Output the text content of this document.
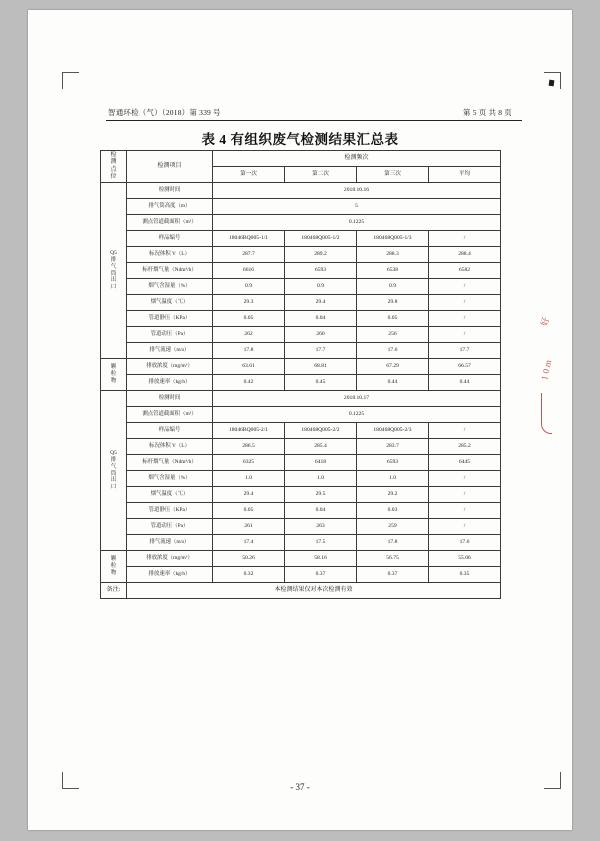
智通环检（气）（2018）第 339 号	第 5 页 共 8 页
表 4 有组织废气检测结果汇总表
检测点位	检测项目	检测频次			
		第一次	第二次	第三次	平均

Q5 排气筒出口	检测时间	2018.10.16			
	排气筒高度（m）	5			
	测点管道截面积（m²）	0.1225			
	样品编号	18046BQ005-1/1	180468Q005-1/2	180468Q005-1/3	/
	标况体积 V（L）	287.7	289.2	288.3	288.4
	标杆烟气量（Ndm³/h）	6616	6593	6538	6582
	烟气含湿量（%）	0.9	0.9	0.9	/
	烟气温度（℃）	29.3	29.4	29.8	/
	管道静压（KPa）	0.05	0.04	0.05	/
	管道动压（Pa）	262	260	256	/
	排气流速（m/s）	17.8	17.7	17.6	17.7

颗粒物	排放浓度（mg/m³）	63.61	68.81	67.29	66.57
	排放速率（kg/h）	0.42	0.45	0.44	0.44

Q5 排气筒出口	检测时间	2018.10.17			
	测点管道截面积（m²）	0.1225			
	样品编号	18046BQ005-2/1	180468Q005-2/2	180468Q005-2/3	/
	标况体积 V（L）	286.5	285.4	283.7	285.2
	标杆烟气量（Ndm³/h）	6325	6418	6593	6445
	烟气含湿量（%）	1.0	1.0	1.0	/
	烟气温度（℃）	29.4	29.5	29.2	/
	管道静压（KPa）	0.05	0.04	0.03	/
	管道动压（Pa）	261	263	259	/
	排气流速（m/s）	17.4	17.5	17.8	17.6

颗粒物	排放浓度（mg/m³）	50.26	58.16	56.75	55.06
	排放速率（kg/h）	0.32	0.37	0.37	0.35
备注:	本检测结果仅对本次检测有效				
好
1 0 m
- 37 -
